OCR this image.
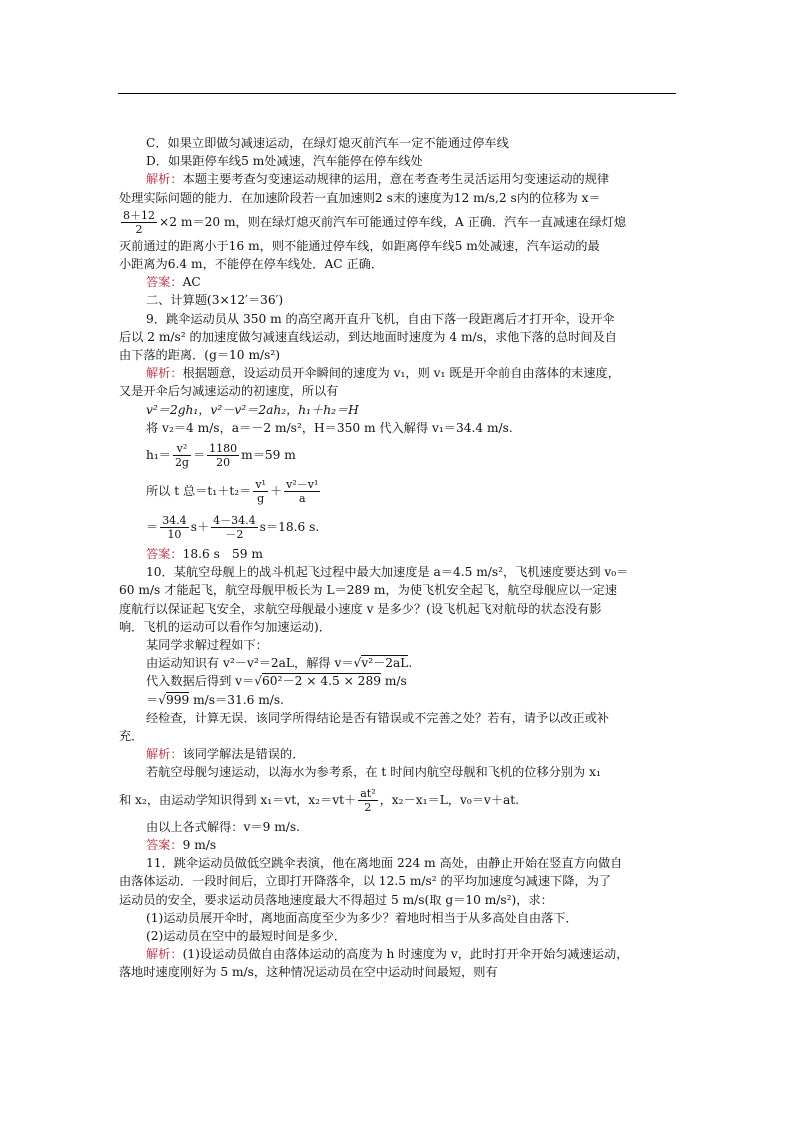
C．如果立即做匀减速运动，在绿灯熄灭前汽车一定不能通过停车线

D．如果距停车线5 m处减速，汽车能停在停车线处

解析：本题主要考查匀变速运动规律的运用，意在考查考生灵活运用匀变速运动的规律

处理实际问题的能力．在加速阶段若一直加速则2 s末的速度为12 m/s,2 s内的位移为 x＝

$\frac{8+12}{2} \times 2$ m＝20 m，则在绿灯熄灭前汽车可能通过停车线，A 正确．汽车一直减速在绿灯熄

灭前通过的距离小于16 m，则不能通过停车线，如距离停车线5 m处减速，汽车运动的最

小距离为6.4 m，不能停在停车线处．AC 正确．

答案：AC

二、计算题(3×12′＝36′)

9．跳伞运动员从 350 m 的高空离开直升飞机，自由下落一段距离后才打开伞，设开伞

后以 2 m/s² 的加速度做匀减速直线运动，到达地面时速度为 4 m/s，求他下落的总时间及自

由下落的距离．(g＝10 m/s²)

解析：根据题意，设运动员开伞瞬间的速度为 v₁，则 v₁ 既是开伞前自由落体的末速度，

又是开伞后匀减速运动的初速度，所以有

v²＝2gh₁，v²－v²＝2ah₂，h₁＋h₂＝H

将 v₂＝4 m/s，a＝－2 m/s²，H＝350 m 代入解得 v₁＝34.4 m/s.

$h_1= \frac{\text{v²}}{2g} = \frac{1180}{20} m=59$ m

所以 t 总$=t_1+t_2= \frac{\text{v¹}}{g} + \frac{\text{v²－v¹}}{a}$

＝ $\frac{34.4}{10} s+ \frac{4-34.4}{-2} s=18.6$ s.

答案：18.6 s　59 m

10．某航空母舰上的战斗机起飞过程中最大加速度是 a＝4.5 m/s²，飞机速度要达到 v₀＝

60 m/s 才能起飞，航空母舰甲板长为 L＝289 m，为使飞机安全起飞，航空母舰应以一定速

度航行以保证起飞安全，求航空母舰最小速度 v 是多少？(设飞机起飞对航母的状态没有影

响．飞机的运动可以看作匀加速运动)．

某同学求解过程如下：

由运动知识有 v²－v²＝2aL，解得 v＝√v²－2aL.

代入数据后得到 v＝√60²－2 × 4.5 × 289 m/s

＝√999 m/s＝31.6 m/s.

经检查，计算无误．该同学所得结论是否有错误或不完善之处？若有，请予以改正或补

充．

解析：该同学解法是错误的．

若航空母舰匀速运动，以海水为参考系，在 t 时间内航空母舰和飞机的位移分别为 x₁

和 x₂，由运动学知识得到 x₁＝vt，$x_2=vt+ \frac{\text{at²}}{2}$ ，x₂－x₁＝L，v₀＝v＋at.

由以上各式解得：v＝9 m/s.

答案：9 m/s

11．跳伞运动员做低空跳伞表演，他在离地面 224 m 高处，由静止开始在竖直方向做自

由落体运动．一段时间后，立即打开降落伞，以 12.5 m/s² 的平均加速度匀减速下降，为了

运动员的安全，要求运动员落地速度最大不得超过 5 m/s(取 g＝10 m/s²)，求：

(1)运动员展开伞时，离地面高度至少为多少？着地时相当于从多高处自由落下．

(2)运动员在空中的最短时间是多少．

解析：(1)设运动员做自由落体运动的高度为 h 时速度为 v，此时打开伞开始匀减速运动，

落地时速度刚好为 5 m/s，这种情况运动员在空中运动时间最短，则有
